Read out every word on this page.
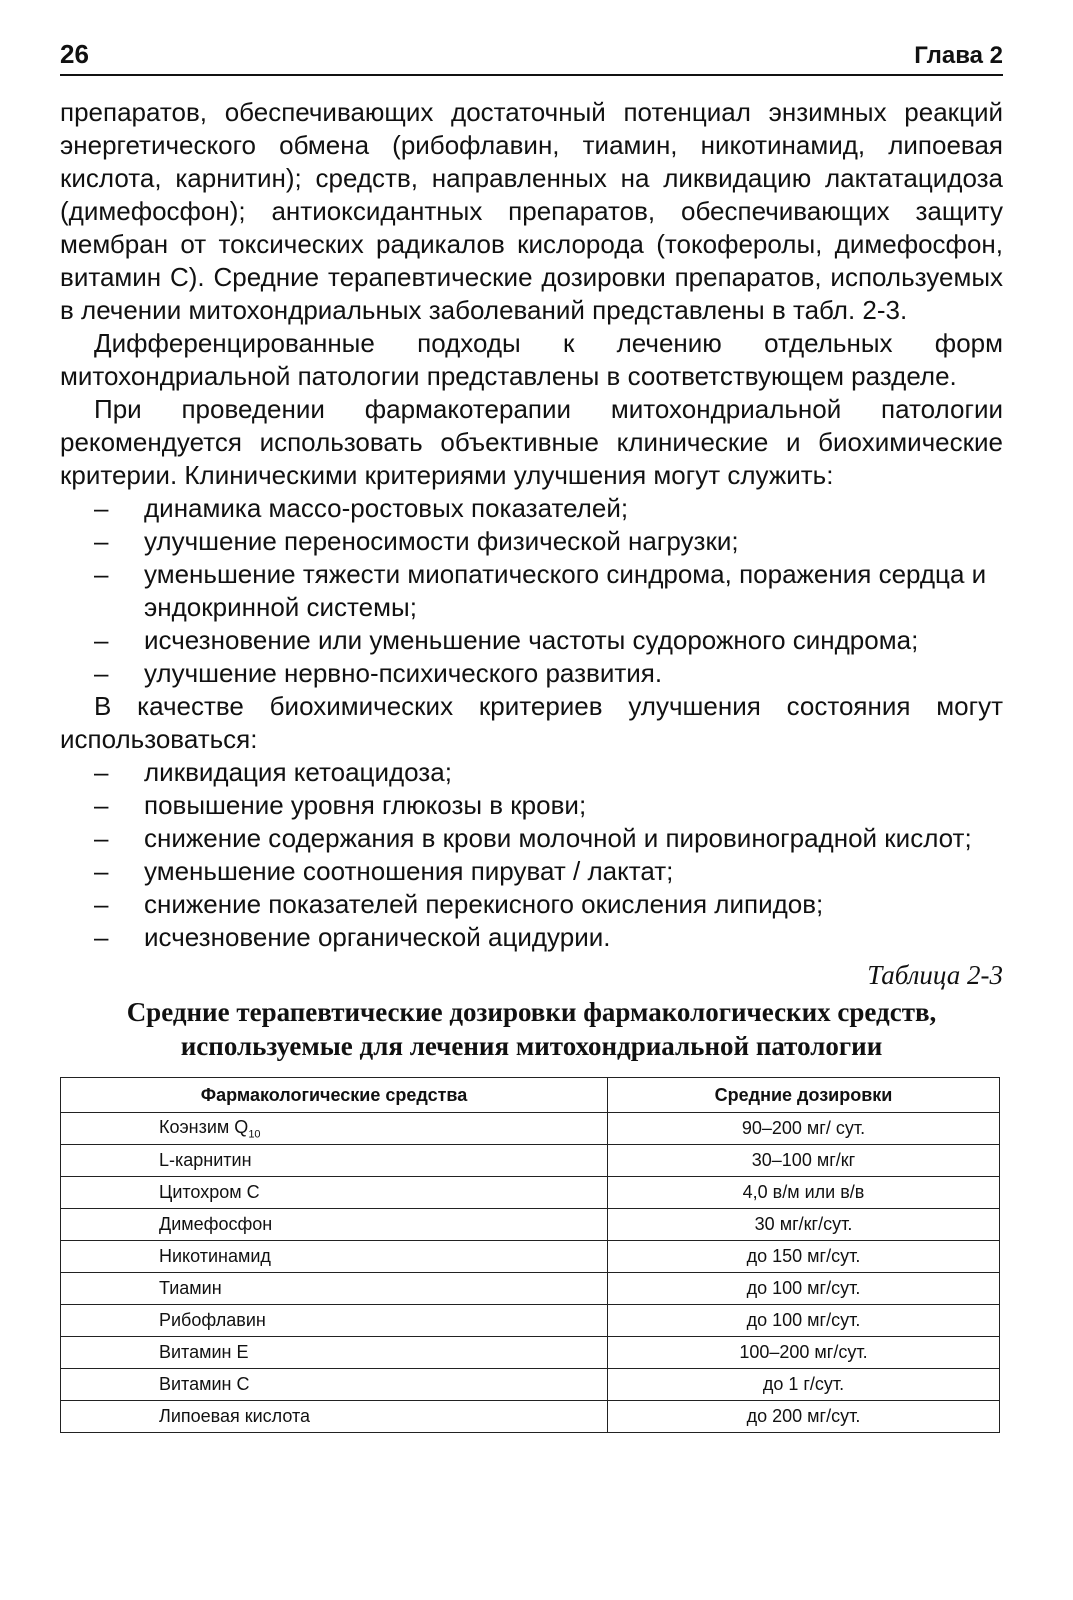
26	Глава 2

препаратов, обеспечивающих достаточный потенциал энзимных реакций энергетического обмена (рибофлавин, тиамин, никотинамид, липоевая кислота, карнитин); средств, направленных на ликвидацию лактатацидоза (димефосфон); антиоксидантных препаратов, обеспечивающих защиту мембран от токсических радикалов кислорода (токоферолы, димефосфон, витамин С). Средние терапевтические дозировки препаратов, используемых в лечении митохондриальных заболеваний представлены в табл. 2-3.

Дифференцированные подходы к лечению отдельных форм митохондриальной патологии представлены в соответствующем разделе.

При проведении фармакотерапии митохондриальной патологии рекомендуется использовать объективные клинические и биохимические критерии. Клиническими критериями улучшения могут служить:

– динамика массо-ростовых показателей;
– улучшение переносимости физической нагрузки;
– уменьшение тяжести миопатического синдрома, поражения сердца и эндокринной системы;
– исчезновение или уменьшение частоты судорожного синдрома;
– улучшение нервно-психического развития.

В качестве биохимических критериев улучшения состояния могут использоваться:

– ликвидация кетоацидоза;
– повышение уровня глюкозы в крови;
– снижение содержания в крови молочной и пировиноградной кислот;
– уменьшение соотношения пируват / лактат;
– снижение показателей перекисного окисления липидов;
– исчезновение органической ацидурии.
Таблица 2-3
Средние терапевтические дозировки фармакологических средств,
используемые для лечения митохондриальной патологии
Фармакологические средства	Средние дозировки
Коэнзим $Q_{10}$	90–200 мг/ сут.
L-карнитин	30–100 мг/кг
Цитохром С	4,0 в/м или в/в
Димефосфон	30 мг/кг/сут.
Никотинамид	до 150 мг/сут.
Тиамин	до 100 мг/сут.
Рибофлавин	до 100 мг/сут.
Витамин Е	100–200 мг/сут.
Витамин С	до 1 г/сут.
Липоевая кислота	до 200 мг/сут.
